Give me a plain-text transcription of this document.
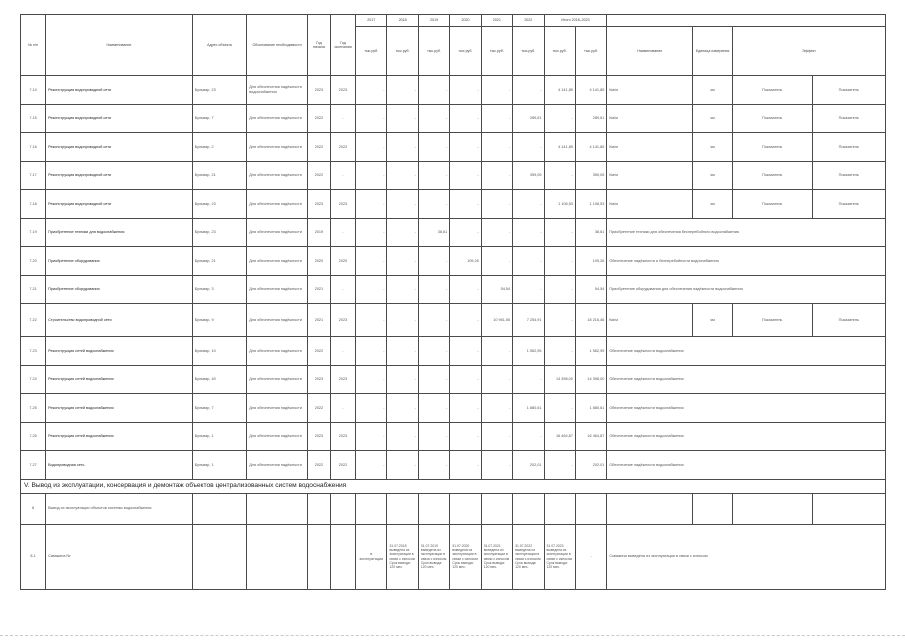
№ п/п	Наименование	Адрес объекта	Обоснование необходимости	Год начала	Год окончания	2017	2018	2019	2020	2021	2022	Итого 2018–2023					
						тыс.руб.	тыс.руб.	тыс.руб.	тыс.руб.	тыс.руб.	тыс.руб.	тыс.руб.	тыс.руб.	Наименование	Единица измерения	Эффект	
7.14	Реконструкция водопроводной сети	Бульвар, 23	Для обеспечения надёжности водоснабжения	2023	2023	-	-	-	-	-	-	4 141,85	4 141,85	Км/м	км	Показатель	Показатель
7.15	Реконструкция водопроводной сети	Бульвар, 7	Для обеспечения надёжности	2022	-	-	-	-	-	-	289,61	-	289,61	Км/м	км	Показатель	Показатель
7.16	Реконструкция водопроводной сети	Бульвар, 2	Для обеспечения надёжности	2022	2022	-	-	-	-	-	-	4 141,85	4 141,85	Км/м	км	Показатель	Показатель
7.17	Реконструкция водопроводной сети	Бульвар, 21	Для обеспечения надёжности	2022	-	-	-	-	-	-	359,05	-	359,05	Км/м	км	Показатель	Показатель
7.18	Реконструкция водопроводной сети	Бульвар, 23	Для обеспечения надёжности	2023	2023	-	-	-	-	-	-	1 108,53	1 108,53	Км/м	км	Показатель	Показатель
7.19	Приобретение техники для водоснабжения	Бульвар, 23	Для обеспечения надёжности	2019	-	-	-	38,61	-	-	-	-	38,61	Приобретение техники для обеспечения бесперебойного водоснабжения			
7.20	Приобретение оборудования	Бульвар, 21	Для обеспечения надёжности	2020	2020	-	-	-	109,26	-	-	-	109,26	Обеспечение надёжности и бесперебойности водоснабжения			
7.21	Приобретение оборудования	Бульвар, 3	Для обеспечения надёжности	2021	-	-	-	-	-	54,54	-	-	54,54	Приобретение оборудования для обеспечения надёжности водоснабжения			
7.22	Строительство водопроводной сети	Бульвар, 9	Для обеспечения надёжности	2021	2023	-	-	-	-	10 961,55	7 254,91	-	18 216,46	Км/м	км	Показатель	Показатель
7.23	Реконструкция сетей водоснабжения	Бульвар, 10	Для обеспечения надёжности	2022	-	-	-	-	-	-	1 562,95	-	1 562,95	Обеспечение надёжности водоснабжения			
7.24	Реконструкция сетей водоснабжения	Бульвар, 40	Для обеспечения надёжности	2023	2023	-	-	-	-	-	-	14 398,00	14 398,00	Обеспечение надёжности водоснабжения			
7.25	Реконструкция сетей водоснабжения	Бульвар, 7	Для обеспечения надёжности	2022	-	-	-	-	-	-	1 880,61	-	1 880,61	Обеспечение надёжности водоснабжения			
7.26	Реконструкция сетей водоснабжения	Бульвар, 1	Для обеспечения надёжности	2023	2023	-	-	-	-	-	-	16 464,87	16 464,87	Обеспечение надёжности водоснабжения			
7.27	Водопроводная сеть	Бульвар, 1	Для обеспечения надёжности	2022	2022	-	-	-	-	-	202,01	-	202,01	Обеспечение надёжности водоснабжения			
V. Вывод из эксплуатации, консервация и демонтаж объектов централизованных систем водоснабжения																	
8	Вывод из эксплуатации объектов системы водоснабжения																
8.1	Скважина №					в эксплуатации	31.07.2018 выведена из эксплуатации в связи с износом Срок вывода: 120 мес.	31.07.2019 выведена из эксплуатации в связи с износом Срок вывода: 120 мес.	31.07.2020 выведена из эксплуатации в связи с износом Срок вывода: 120 мес.	31.07.2021 выведена из эксплуатации в связи с износом Срок вывода: 120 мес.	31.07.2022 выведена из эксплуатации в связи с износом Срок вывода: 120 мес.	31.07.2023 выведена из эксплуатации в связи с износом Срок вывода: 120 мес.	-	Скважина выведена из эксплуатации в связи с износом			
